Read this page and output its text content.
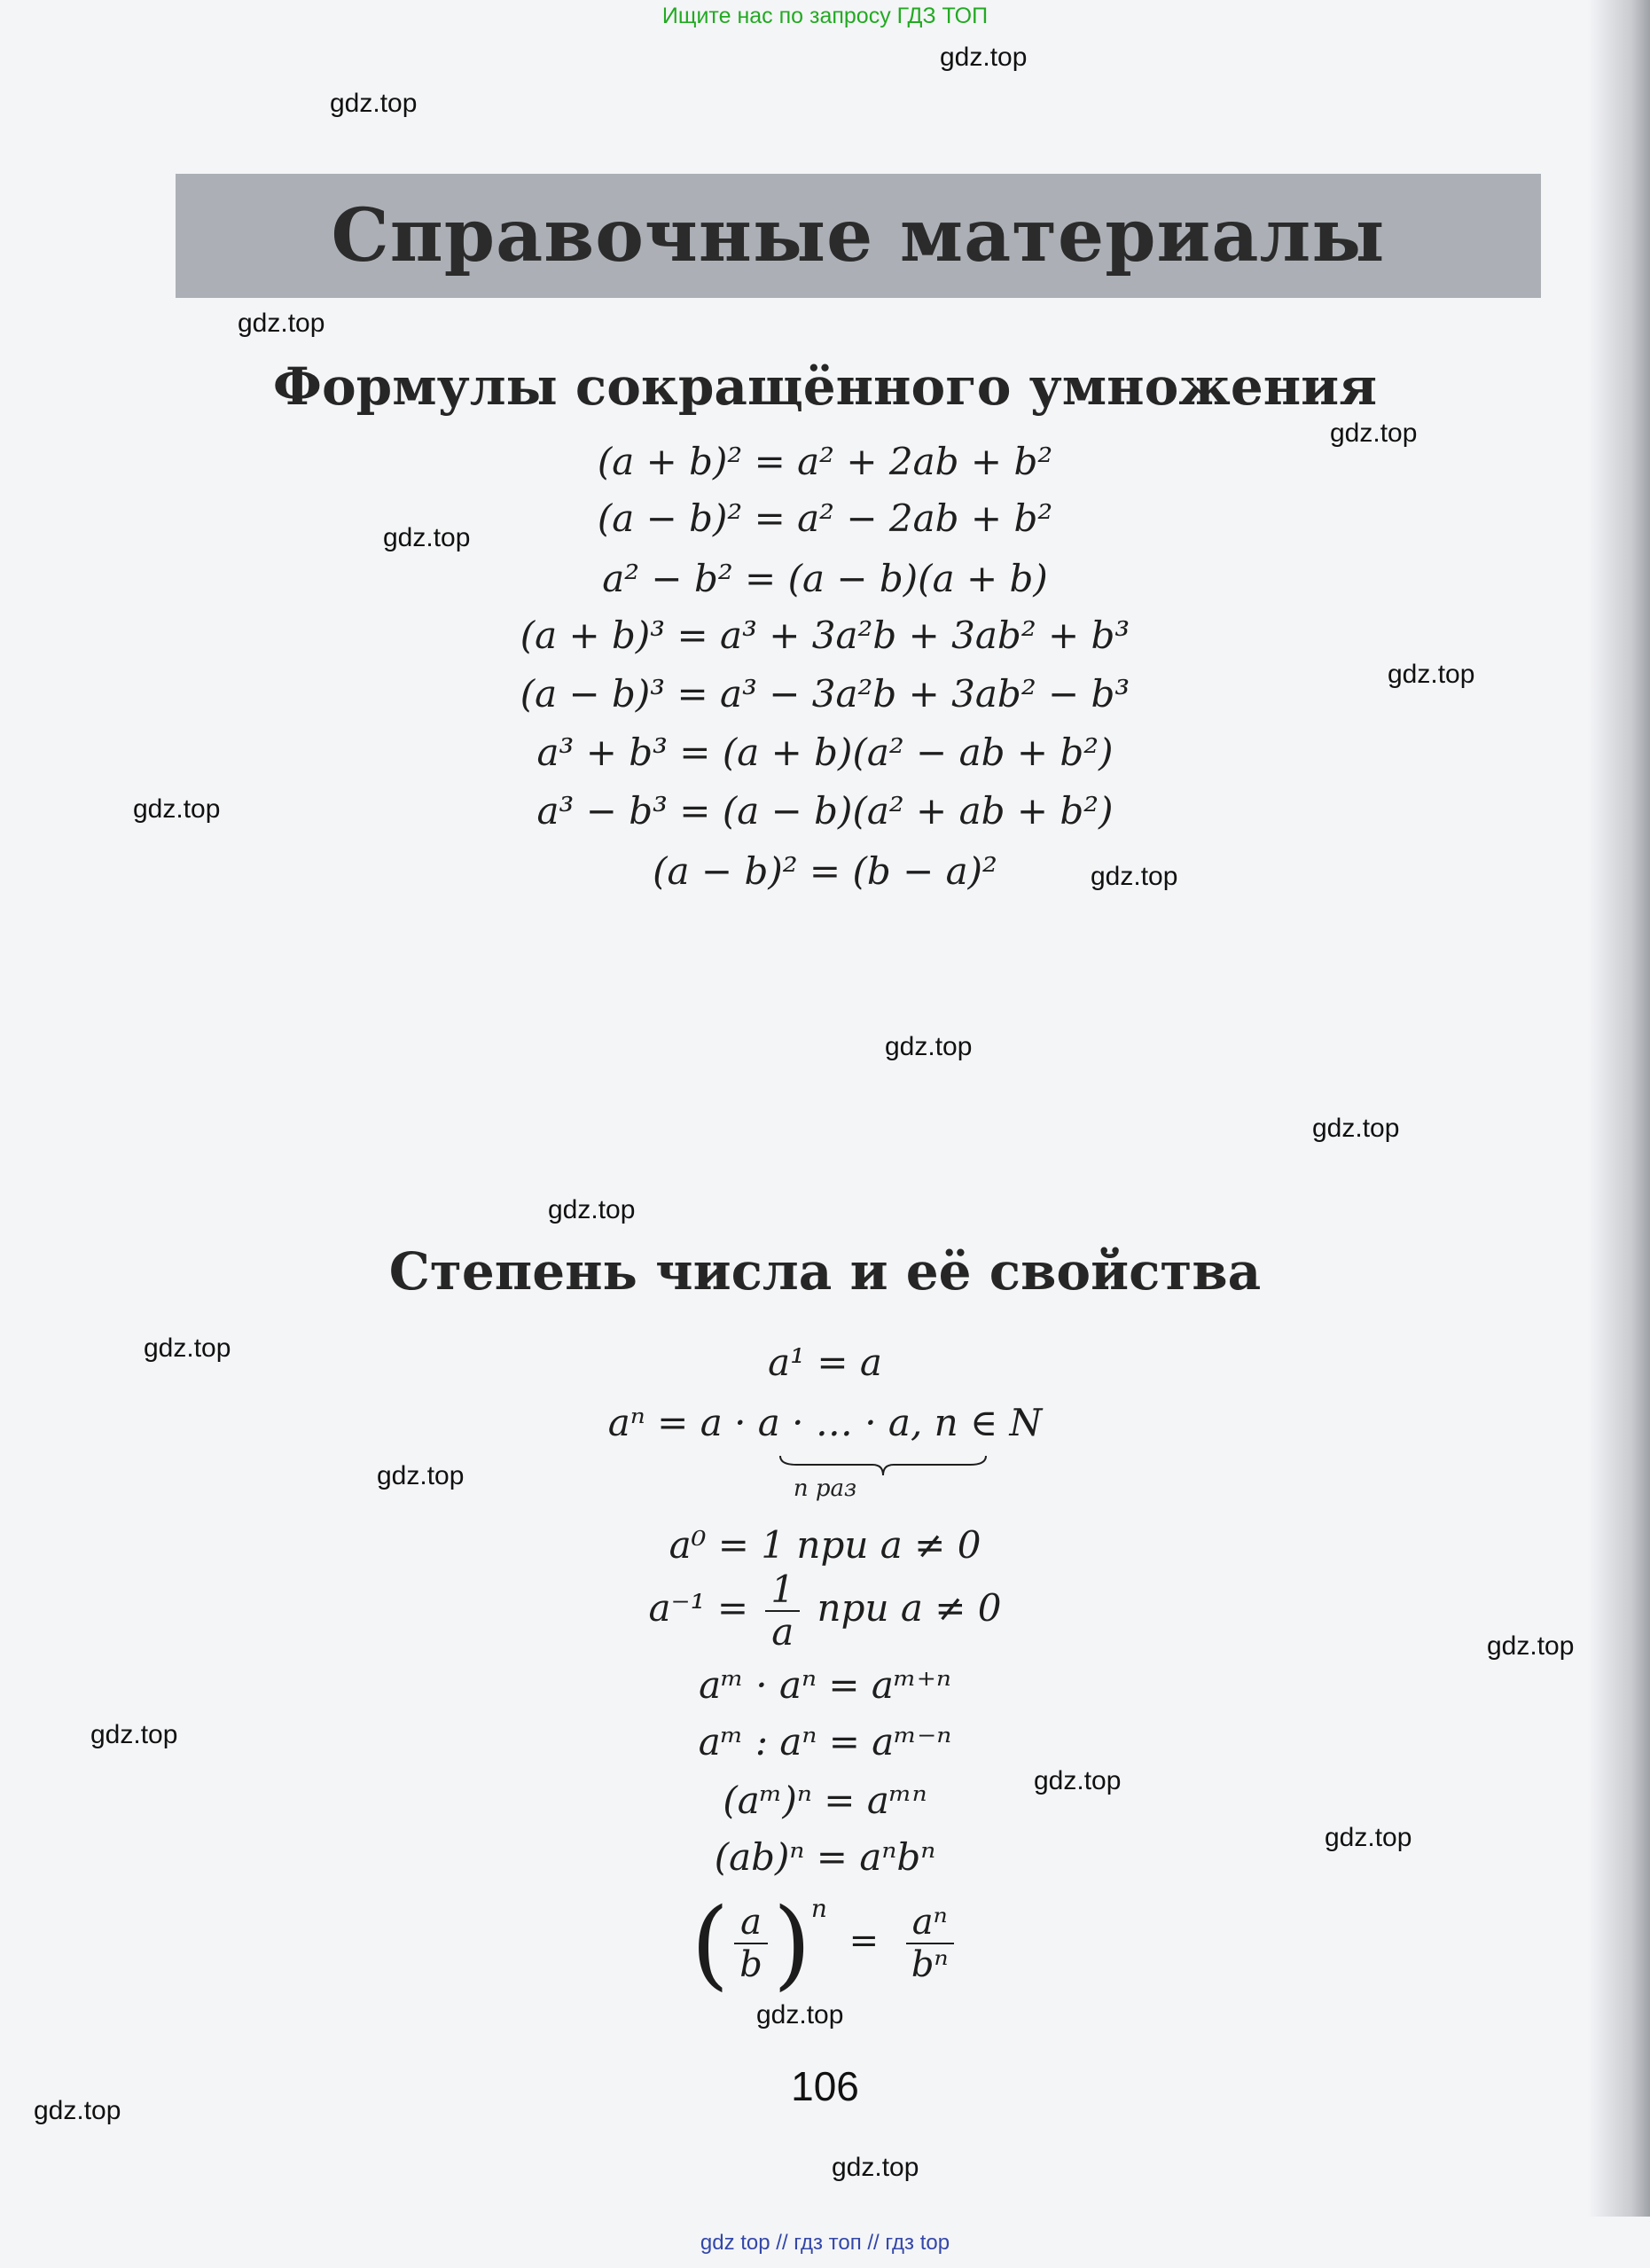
Ищите нас по запросу ГДЗ ТОП
Справочные материалы
Формулы сокращённого умножения
(a + b)² = a² + 2ab + b²
(a − b)² = a² − 2ab + b²
a² − b² = (a − b)(a + b)
(a + b)³ = a³ + 3a²b + 3ab² + b³
(a − b)³ = a³ − 3a²b + 3ab² − b³
a³ + b³ = (a + b)(a² − ab + b²)
a³ − b³ = (a − b)(a² + ab + b²)
(a − b)² = (b − a)²
Степень числа и её свойства
a¹ = a
aⁿ = a · a · … · a, n ∈ N
n раз
a⁰ = 1 при a ≠ 0
$a^{-1} = \frac{1}{a}$ при a ≠ 0
aᵐ · aⁿ = aᵐ⁺ⁿ
aᵐ : aⁿ = aᵐ⁻ⁿ
(aᵐ)ⁿ = aᵐⁿ
(ab)ⁿ = aⁿbⁿ
( $\frac{a}{b} )^n = \frac{\text{aⁿ}}{\text{bⁿ}}$
106
gdz.top
gdz.top
gdz.top
gdz.top
gdz.top
gdz.top
gdz.top
gdz.top
gdz.top
gdz.top
gdz.top
gdz.top
gdz.top
gdz.top
gdz.top
gdz.top
gdz.top
gdz.top
gdz.top
gdz.top
gdz top // гдз топ // гдз top
